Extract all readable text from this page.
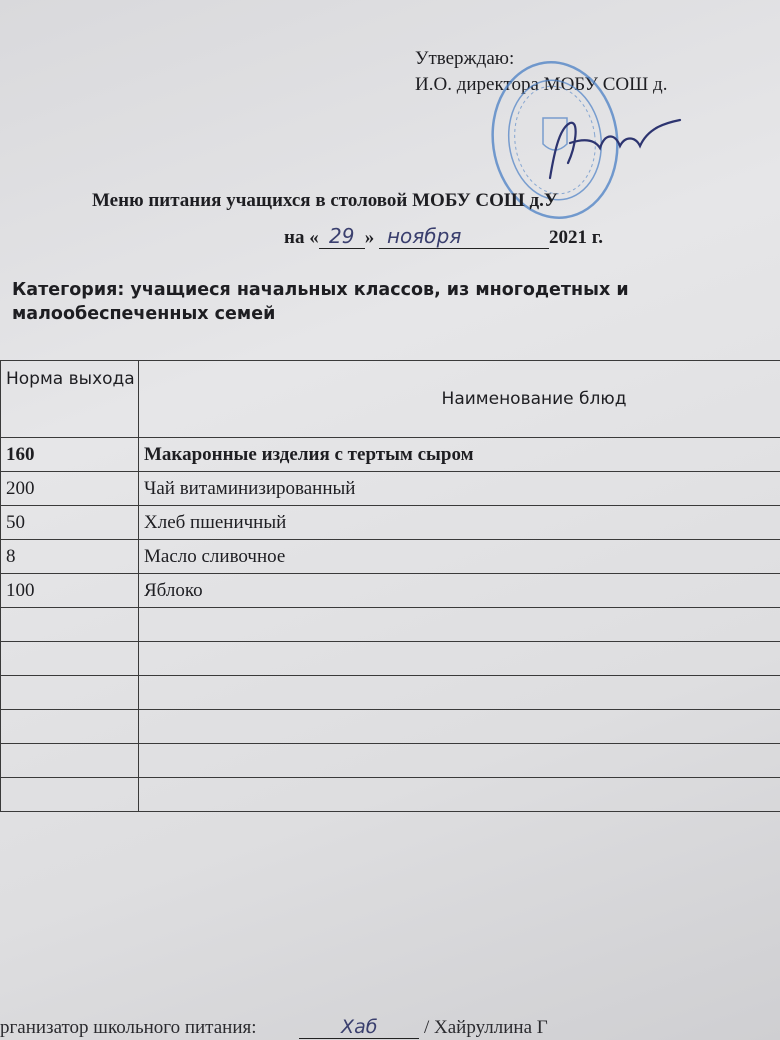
Утверждаю:
И.О. директора МОБУ СОШ д.
Меню питания учащихся в столовой МОБУ СОШ д.У
на « 29 » ноября	2021 г.
Категория: учащиеся начальных классов, из многодетных и
малообеспеченных семей
Норма выхода	Наименование блюд
160	Макаронные изделия с тертым сыром
200	Чай витаминизированный
50	Хлеб пшеничный
8	Масло сливочное
100	Яблоко

рганизатор школьного питания:	Хаб / Хайруллина Г
